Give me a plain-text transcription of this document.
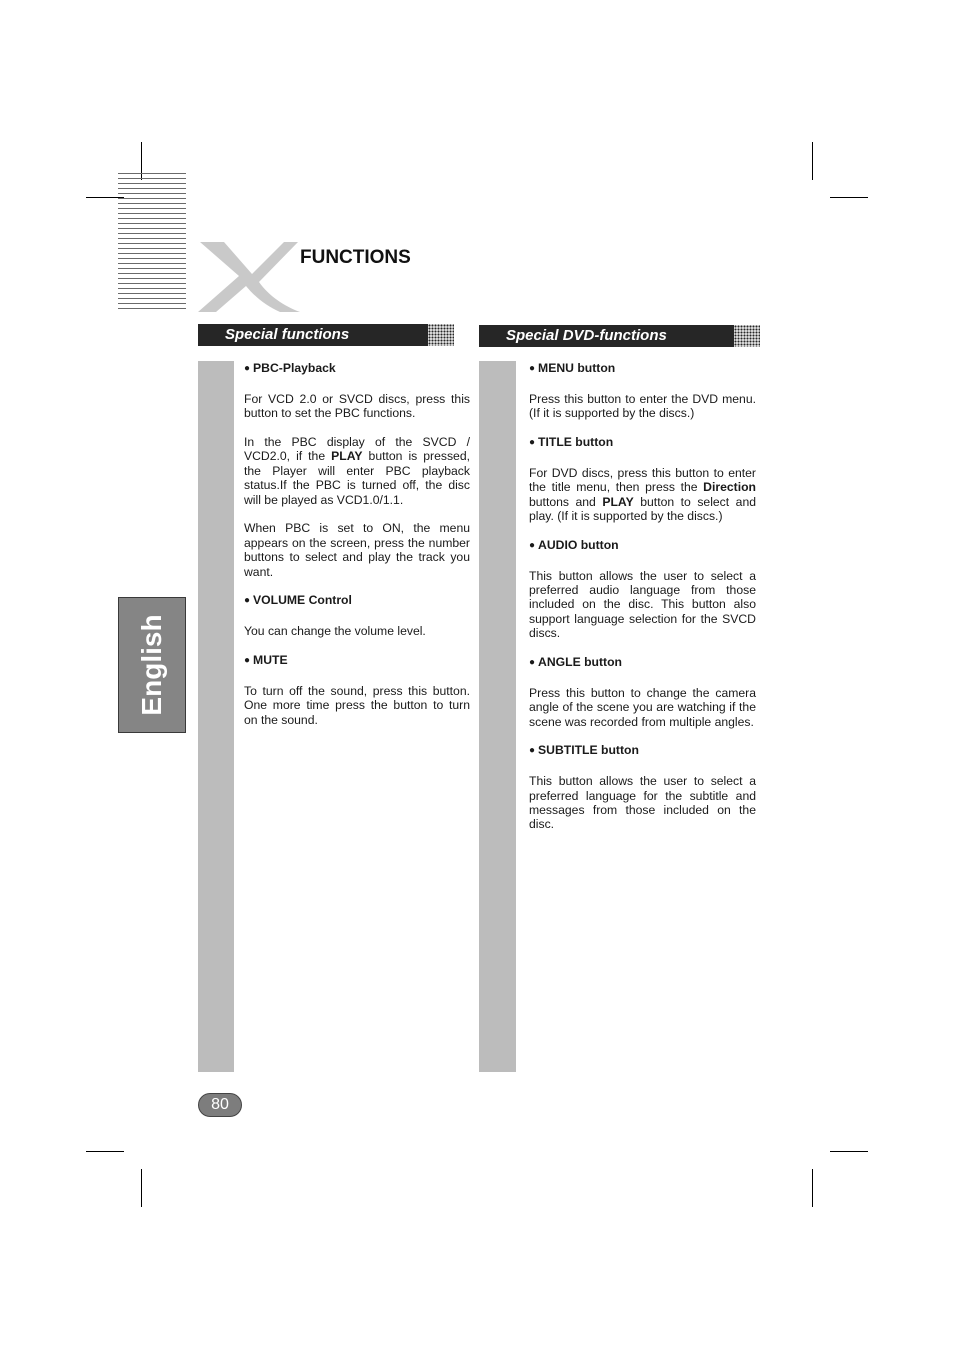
FUNCTIONS
Special functions	Special DVD-functions

● PBC-Playback

For VCD 2.0 or SVCD discs, press this button to set the PBC functions.

In the PBC display of the SVCD / VCD2.0, if the PLAY button is pressed, the Player will enter PBC playback status.If the PBC is turned off, the disc will be played as VCD1.0/1.1.

When PBC is set to ON, the menu appears on the screen, press the number buttons to select and play the track you want.

● VOLUME Control

You can change the volume level.

● MUTE

To turn off the sound, press this button. One more time press the button to turn on the sound.

● MENU button

Press this button to enter the DVD menu. (If it is supported by the discs.)

● TITLE button

For DVD discs, press this button to enter the title menu, then press the Direction buttons and PLAY button to select and play. (If it is supported by the discs.)

● AUDIO button

This button allows the user to select a preferred audio language from those included on the disc. This button also support language selection for the SVCD discs.

● ANGLE button

Press this button to change the camera angle of the scene you are watching if the scene was recorded from multiple angles.

● SUBTITLE button

This button allows the user to select a preferred language for the subtitle and messages from those included on the disc.

English
80
